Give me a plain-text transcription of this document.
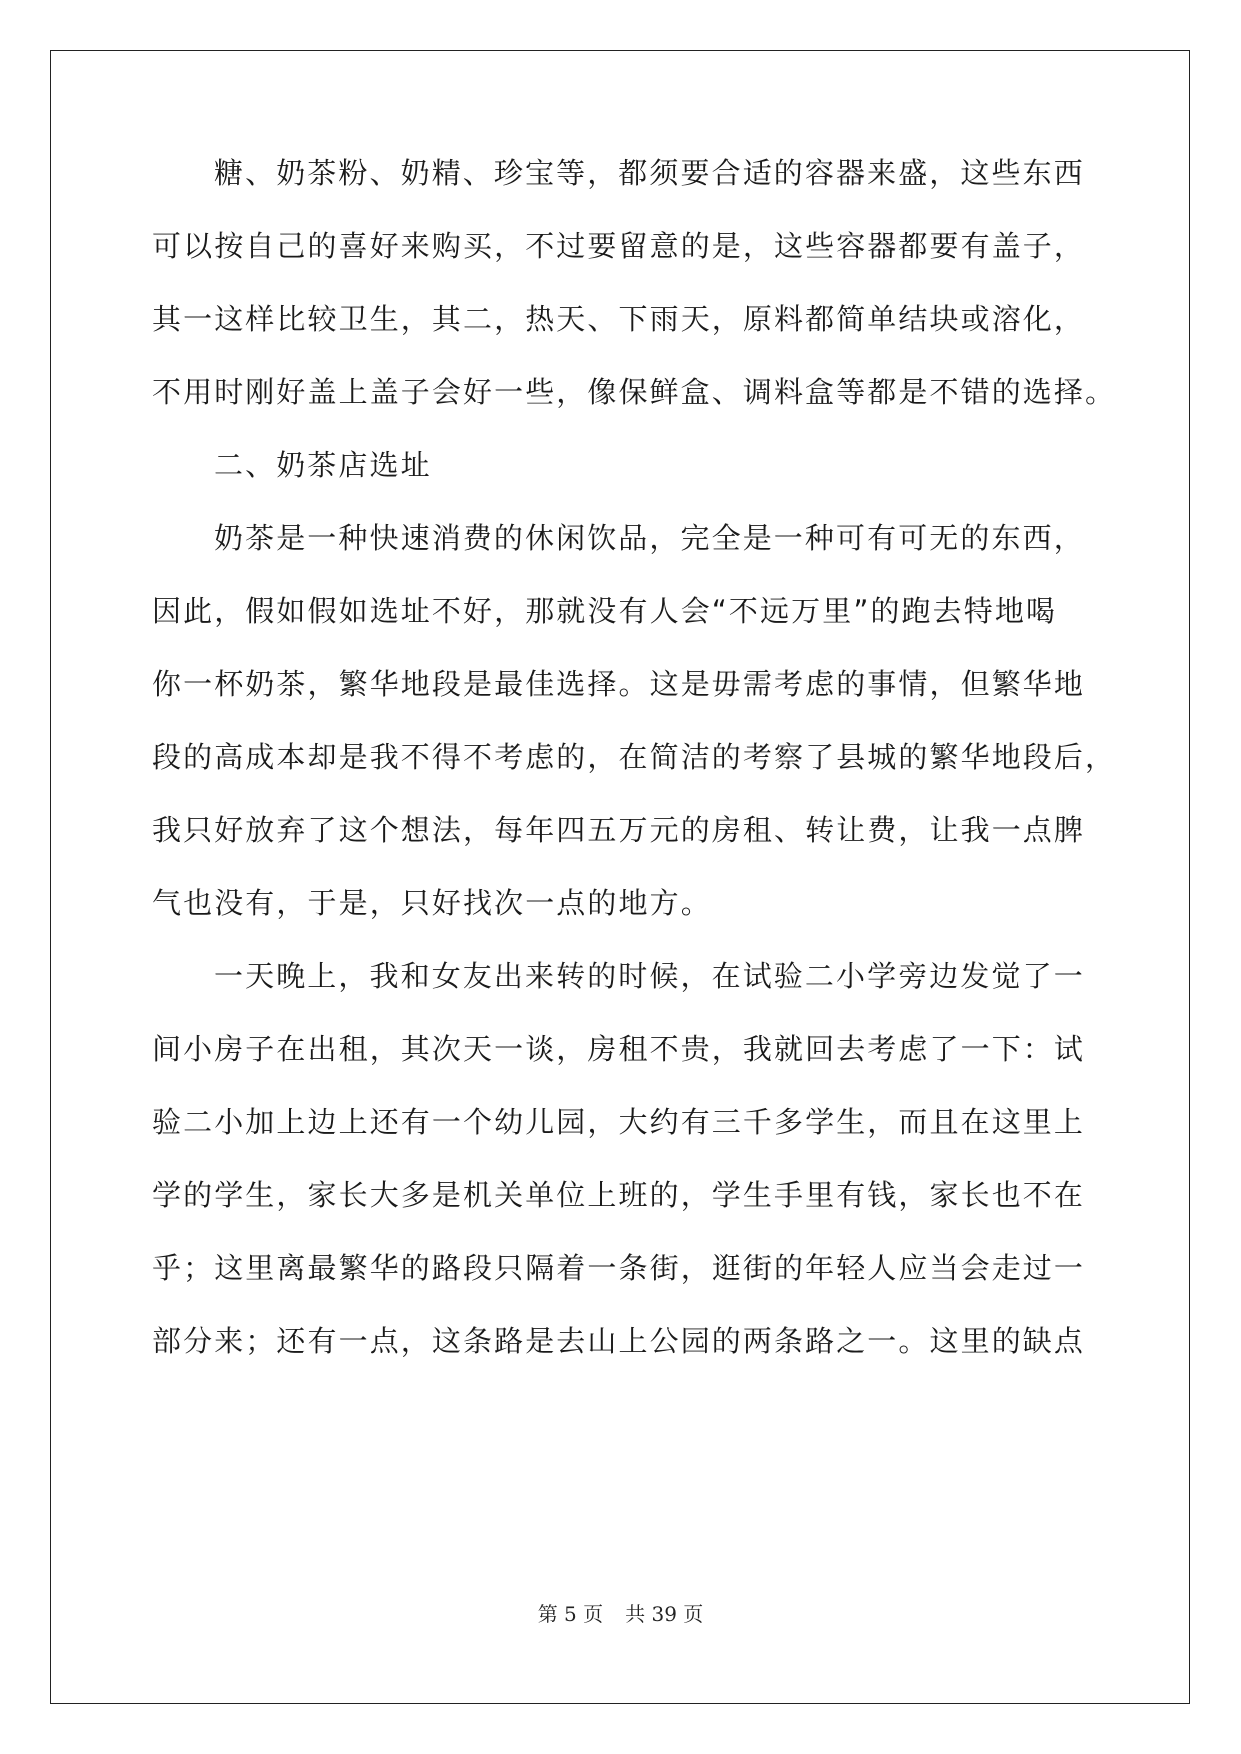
糖、奶茶粉、奶精、珍宝等，都须要合适的容器来盛，这些东西
可以按自己的喜好来购买，不过要留意的是，这些容器都要有盖子，
其一这样比较卫生，其二，热天、下雨天，原料都简单结块或溶化，
不用时刚好盖上盖子会好一些，像保鲜盒、调料盒等都是不错的选择。
二、奶茶店选址
奶茶是一种快速消费的休闲饮品，完全是一种可有可无的东西，
因此，假如假如选址不好，那就没有人会“不远万里”的跑去特地喝
你一杯奶茶，繁华地段是最佳选择。这是毋需考虑的事情，但繁华地
段的高成本却是我不得不考虑的，在简洁的考察了县城的繁华地段后，
我只好放弃了这个想法，每年四五万元的房租、转让费，让我一点脾
气也没有，于是，只好找次一点的地方。
一天晚上，我和女友出来转的时候，在试验二小学旁边发觉了一
间小房子在出租，其次天一谈，房租不贵，我就回去考虑了一下：试
验二小加上边上还有一个幼儿园，大约有三千多学生，而且在这里上
学的学生，家长大多是机关单位上班的，学生手里有钱，家长也不在
乎；这里离最繁华的路段只隔着一条街，逛街的年轻人应当会走过一
部分来；还有一点，这条路是去山上公园的两条路之一。这里的缺点
第 5 页 共 39 页
